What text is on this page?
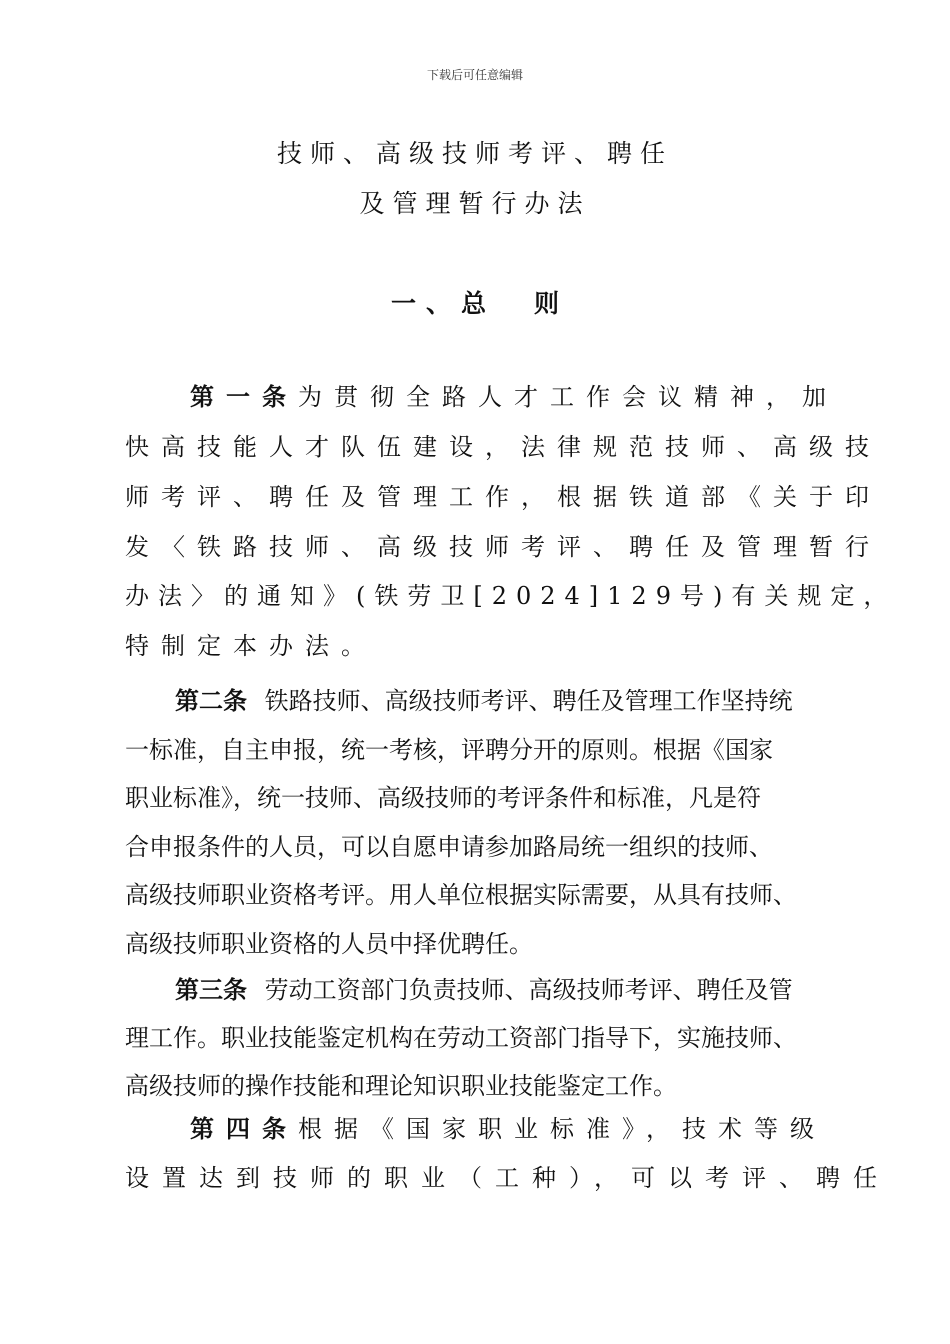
下载后可任意编辑
技师、高级技师考评、聘任
及管理暂行办法
一、总 则
第一条 为贯彻全路人才工作会议精神，加
快高技能人才队伍建设，法律规范技师、高级技
师考评、聘任及管理工作，根据铁道部《关于印
发〈铁路技师、高级技师考评、聘任及管理暂行
办法〉的通知》(铁劳卫[2024]129号)有关规定，
特制定本办法。
第二条 铁路技师、高级技师考评、聘任及管理工作坚持统
一标准，自主申报，统一考核，评聘分开的原则。根据《国家
职业标准》，统一技师、高级技师的考评条件和标准，凡是符
合申报条件的人员，可以自愿申请参加路局统一组织的技师、
高级技师职业资格考评。用人单位根据实际需要，从具有技师、
高级技师职业资格的人员中择优聘任。
第三条 劳动工资部门负责技师、高级技师考评、聘任及管
理工作。职业技能鉴定机构在劳动工资部门指导下，实施技师、
高级技师的操作技能和理论知识职业技能鉴定工作。
第四条 根据《国家职业标准》，技术等级
设置达到技师的职业（工种），可以考评、聘任
